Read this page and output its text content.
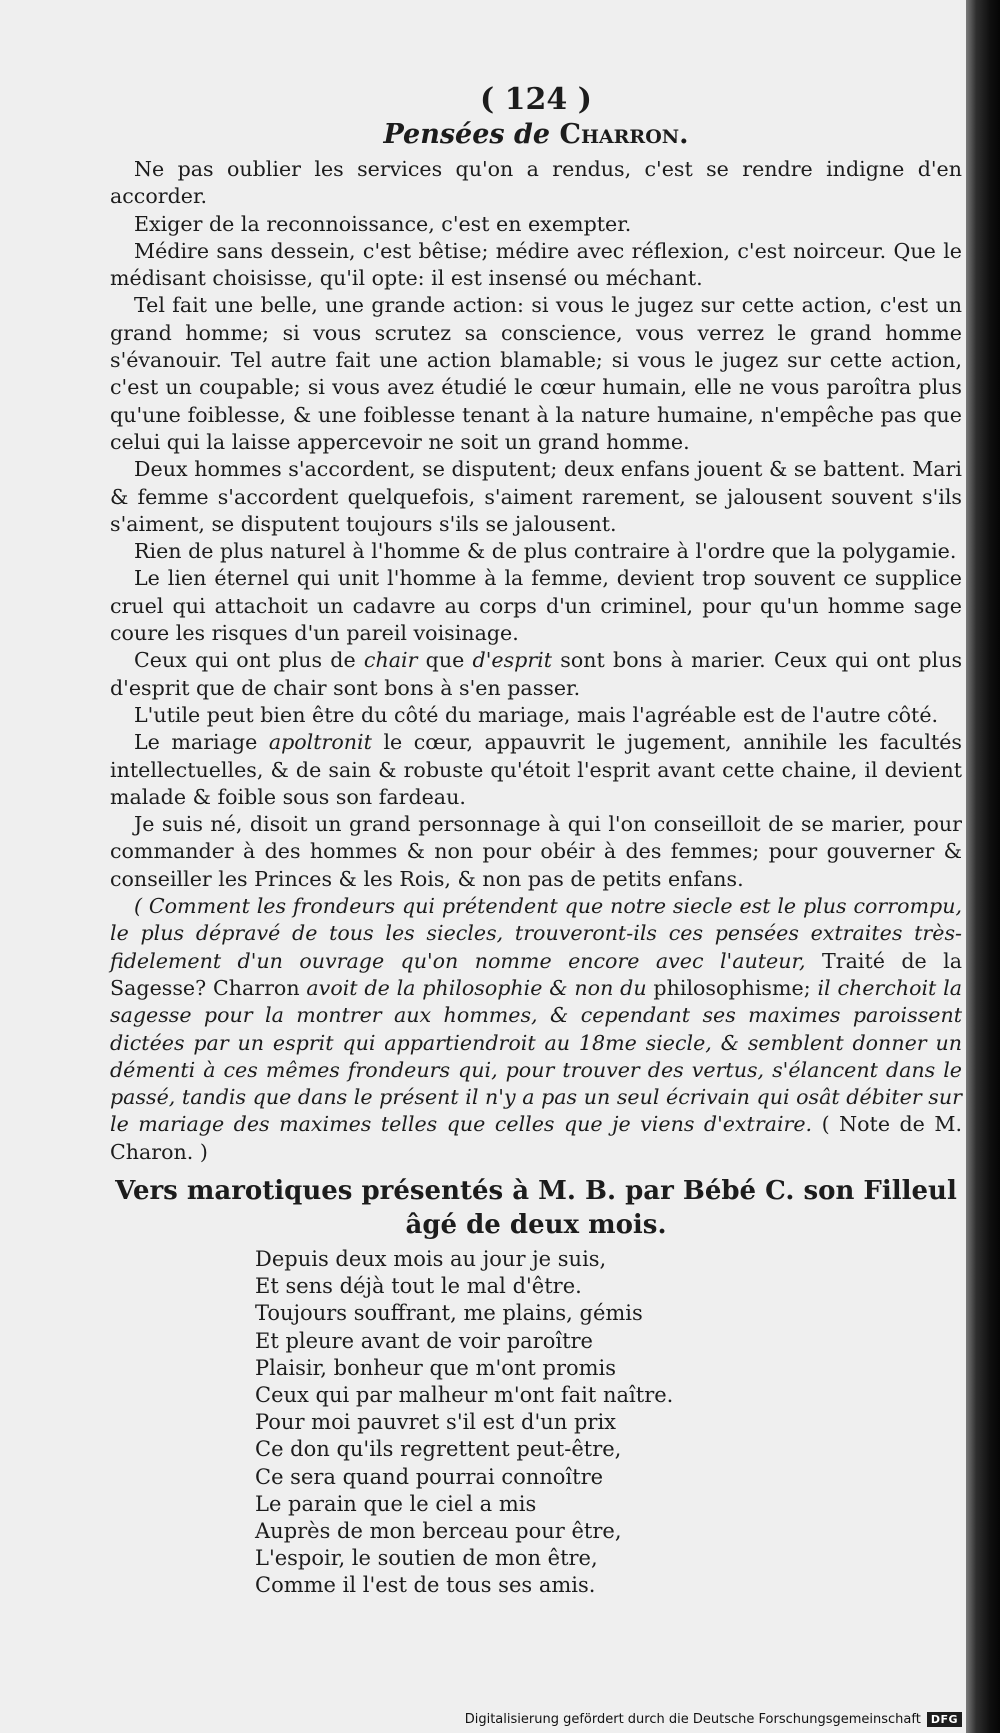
( 124 )
Pensées de Charron.

Ne pas oublier les services qu'on a rendus, c'est se rendre indigne d'en accorder.

Exiger de la reconnoissance, c'est en exempter.

Médire sans dessein, c'est bêtise; médire avec réflexion, c'est noirceur. Que le médisant choisisse, qu'il opte: il est insensé ou méchant.

Tel fait une belle, une grande action: si vous le jugez sur cette action, c'est un grand homme; si vous scrutez sa conscience, vous verrez le grand homme s'évanouir. Tel autre fait une action blamable; si vous le jugez sur cette action, c'est un coupable; si vous avez étudié le cœur humain, elle ne vous paroîtra plus qu'une foiblesse, & une foiblesse tenant à la nature humaine, n'empêche pas que celui qui la laisse appercevoir ne soit un grand homme.

Deux hommes s'accordent, se disputent; deux enfans jouent & se battent. Mari & femme s'accordent quelquefois, s'aiment rarement, se jalousent souvent s'ils s'aiment, se disputent toujours s'ils se jalousent.

Rien de plus naturel à l'homme & de plus contraire à l'ordre que la polygamie.

Le lien éternel qui unit l'homme à la femme, devient trop souvent ce supplice cruel qui attachoit un cadavre au corps d'un criminel, pour qu'un homme sage coure les risques d'un pareil voisinage.

Ceux qui ont plus de chair que d'esprit sont bons à marier. Ceux qui ont plus d'esprit que de chair sont bons à s'en passer.

L'utile peut bien être du côté du mariage, mais l'agréable est de l'autre côté.

Le mariage apoltronit le cœur, appauvrit le jugement, annihile les facultés intellectuelles, & de sain & robuste qu'étoit l'esprit avant cette chaine, il devient malade & foible sous son fardeau.

Je suis né, disoit un grand personnage à qui l'on conseilloit de se marier, pour commander à des hommes & non pour obéir à des femmes; pour gouverner & conseiller les Princes & les Rois, & non pas de petits enfans.

( Comment les frondeurs qui prétendent que notre siecle est le plus corrompu, le plus dépravé de tous les siecles, trouveront-ils ces pensées extraites très-fidelement d'un ouvrage qu'on nomme encore avec l'auteur, Traité de la Sagesse? Charron avoit de la philosophie & non du philosophisme; il cherchoit la sagesse pour la montrer aux hommes, & cependant ses maximes paroissent dictées par un esprit qui appartiendroit au 18me siecle, & semblent donner un démenti à ces mêmes frondeurs qui, pour trouver des vertus, s'élancent dans le passé, tandis que dans le présent il n'y a pas un seul écrivain qui osât débiter sur le mariage des maximes telles que celles que je viens d'extraire. ( Note de M. Charon. )

Vers marotiques présentés à M. B. par Bébé C. son Filleul âgé de deux mois.
Depuis deux mois au jour je suis,
Et sens déjà tout le mal d'être.
Toujours souffrant, me plains, gémis
Et pleure avant de voir paroître
Plaisir, bonheur que m'ont promis
Ceux qui par malheur m'ont fait naître.
Pour moi pauvret s'il est d'un prix
Ce don qu'ils regrettent peut-être,
Ce sera quand pourrai connoître
Le parain que le ciel a mis
Auprès de mon berceau pour être,
L'espoir, le soutien de mon être,
Comme il l'est de tous ses amis.
Digitalisierung gefördert durch die Deutsche Forschungsgemeinschaft DFG
